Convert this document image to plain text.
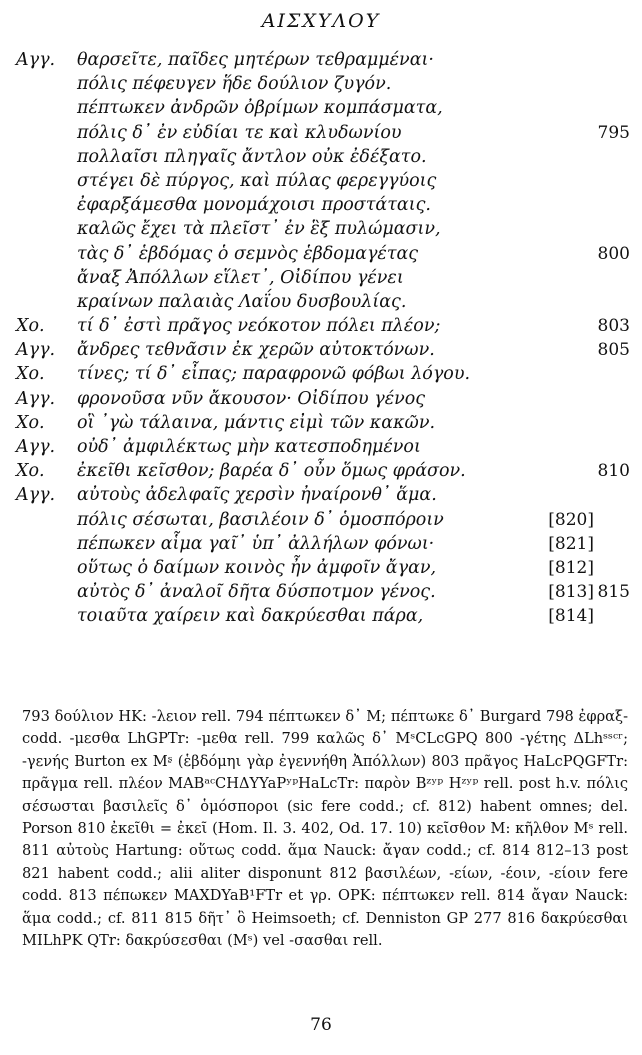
ΑΙΣΧΥΛΟΥ
Αγγ. θαρσεῖτε, παῖδες μητέρων τεθραμμέναι·
πόλις πέφευγεν ἥδε δούλιον ζυγόν.
πέπτωκεν ἀνδρῶν ὀβρίμων κομπάσματα,
πόλις δ᾽ ἐν εὐδίαι τε καὶ κλυδωνίου	795
πολλαῖσι πληγαῖς ἄντλον οὐκ ἐδέξατο.
στέγει δὲ πύργος, καὶ πύλας φερεγγύοις
ἐφαρξάμεσθα μονομάχοισι προστάταις.
καλῶς ἔχει τὰ πλεῖστ᾽ ἐν ἓξ πυλώμασιν,
τὰς δ᾽ ἑβδόμας ὁ σεμνὸς ἑβδομαγέτας	800
ἄναξ Ἀπόλλων εἵλετ᾽, Οἰδίπου γένει
κραίνων παλαιὰς Λαΐου δυσβουλίας.
Χο. τί δ᾽ ἐστὶ πρᾶγος νεόκοτον πόλει πλέον;	803
Αγγ. ἄνδρες τεθνᾶσιν ἐκ χερῶν αὐτοκτόνων.	805
Χο. τίνες; τί δ᾽ εἶπας; παραφρονῶ φόβωι λόγου.
Αγγ. φρονοῦσα νῦν ἄκουσον· Οἰδίπου γένος
Χο. οἳ ᾽γὼ τάλαινα, μάντις εἰμὶ τῶν κακῶν.
Αγγ. οὐδ᾽ ἀμφιλέκτως μὴν κατεσποδημένοι
Χο. ἐκεῖθι κεῖσθον; βαρέα δ᾽ οὖν ὅμως φράσον.	810
Αγγ. αὐτοὺς ἀδελφαῖς χερσὶν ἠναίρονθ᾽ ἅμα.
πόλις σέσωται, βασιλέοιν δ᾽ ὁμοσπόροιν	[820]
πέπωκεν αἷμα γαῖ᾽ ὑπ᾽ ἀλλήλων φόνωι·	[821]
οὕτως ὁ δαίμων κοινὸς ἦν ἀμφοῖν ἄγαν,	[812]
αὐτὸς δ᾽ ἀναλοῖ δῆτα δύσποτμον γένος.	[813] 815
τοιαῦτα χαίρειν καὶ δακρύεσθαι πάρα,	[814]

793 δούλιον HK: -λειον rell. 794 πέπτωκεν δ᾽ M; πέπτωκε δ᾽ Burgard 798 ἐφραξ- codd. -μεσθα LhGPTr: -μεθα rell. 799 καλῶς δ᾽ MˢCLcGPQ 800 -γέτης ΔLhˢˢᶜʳ; -γενής Burton ex Mᶳ (ἑβδόμηι γὰρ ἐγεννήθη Ἀπόλλων) 803 πρᾶγος HaLcPQGFTr: πρᾶγμα rell. πλέον MABᵃᶜCHΔYYaPʸᵖHaLcTr: παρὸν Bᶻʸᵖ Hᶻʸᵖ rell. post h.v. πόλις σέσωσται βασιλεῖς δ᾽ ὁμόσποροι (sic fere codd.; cf. 812) habent omnes; del. Porson 810 ἐκεῖθι = ἐκεῖ (Hom. Il. 3. 402, Od. 17. 10) κεῖσθον M: κῆλθον Mˢ rell. 811 αὐτοὺς Hartung: οὕτως codd. ἅμα Nauck: ἄγαν codd.; cf. 814 812–13 post 821 habent codd.; alii aliter disponunt 812 βασιλέων, -είων, -έοιν, -είοιν fere codd. 813 πέπωκεν MAXDYaB¹FTr et γρ. OPK: πέπτωκεν rell. 814 ἄγαν Nauck: ἅμα codd.; cf. 811 815 δῆτ᾽ ὃ Heimsoeth; cf. Denniston GP 277 816 δακρύεσθαι MILhPK QTr: δακρύσεσθαι (Mˢ) vel -σασθαι rell.

76
